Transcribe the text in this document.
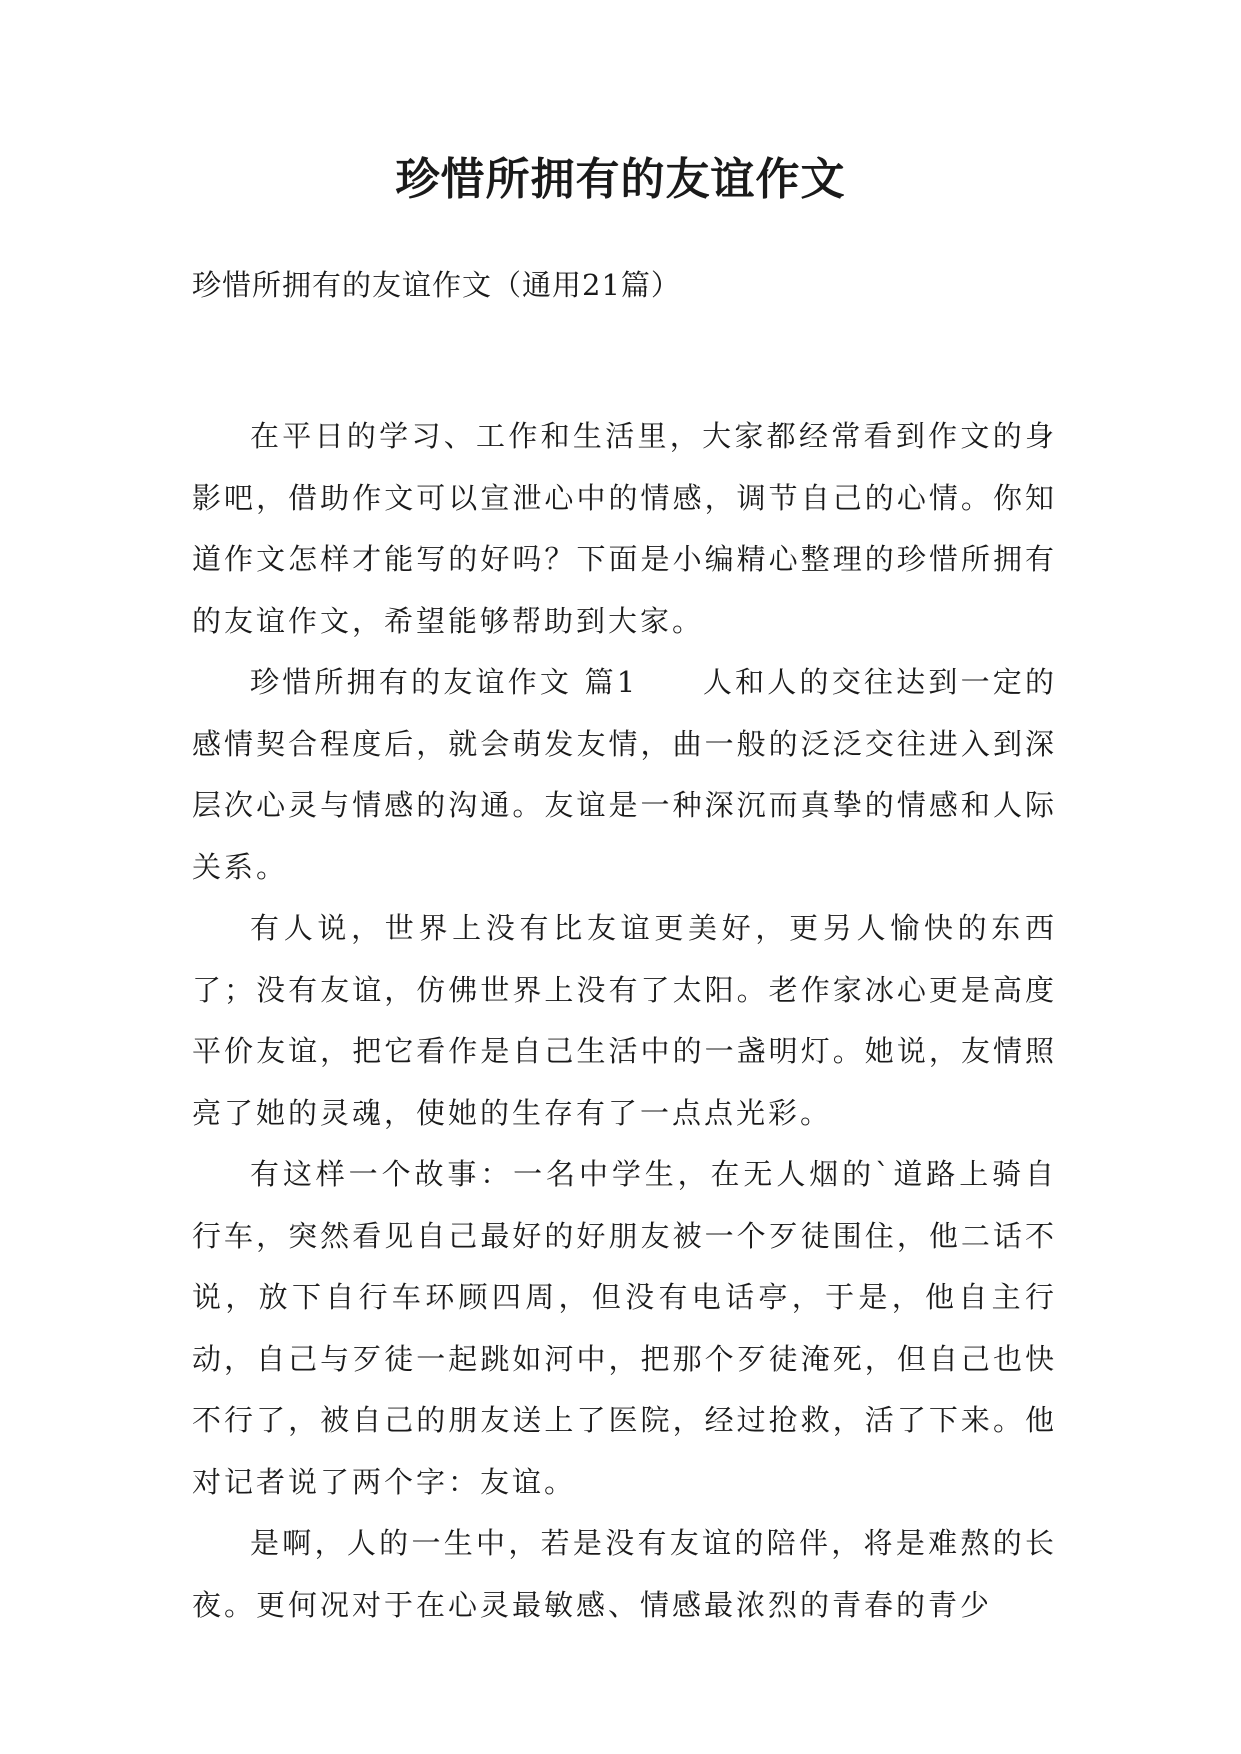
珍惜所拥有的友谊作文

珍惜所拥有的友谊作文（通用21篇）

在平日的学习、工作和生活里，大家都经常看到作文的身影吧，借助作文可以宣泄心中的情感，调节自己的心情。你知道作文怎样才能写的好吗？下面是小编精心整理的珍惜所拥有的友谊作文，希望能够帮助到大家。

珍惜所拥有的友谊作文 篇1　　人和人的交往达到一定的感情契合程度后，就会萌发友情，曲一般的泛泛交往进入到深层次心灵与情感的沟通。友谊是一种深沉而真挚的情感和人际关系。

有人说，世界上没有比友谊更美好，更另人愉快的东西了；没有友谊，仿佛世界上没有了太阳。老作家冰心更是高度平价友谊，把它看作是自己生活中的一盏明灯。她说，友情照亮了她的灵魂，使她的生存有了一点点光彩。

有这样一个故事：一名中学生，在无人烟的`道路上骑自行车，突然看见自己最好的好朋友被一个歹徒围住，他二话不说，放下自行车环顾四周，但没有电话亭，于是，他自主行动，自己与歹徒一起跳如河中，把那个歹徒淹死，但自己也快不行了，被自己的朋友送上了医院，经过抢救，活了下来。他对记者说了两个字：友谊。

是啊，人的一生中，若是没有友谊的陪伴，将是难熬的长夜。更何况对于在心灵最敏感、情感最浓烈的青春的青少
